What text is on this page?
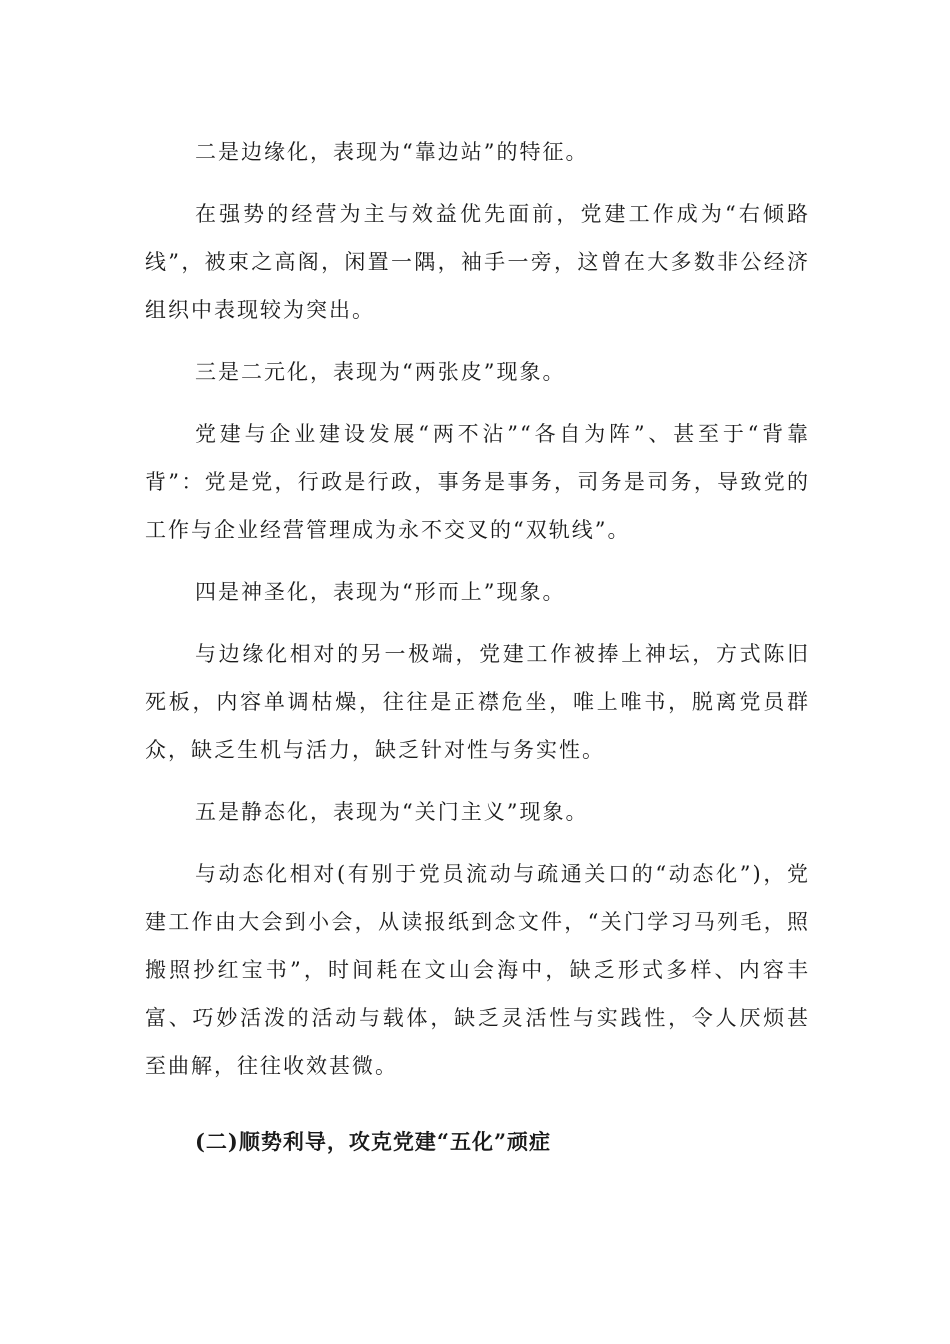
二是边缘化，表现为“靠边站”的特征。

在强势的经营为主与效益优先面前，党建工作成为“右倾路线”，被束之高阁，闲置一隅，袖手一旁，这曾在大多数非公经济组织中表现较为突出。

三是二元化，表现为“两张皮”现象。

党建与企业建设发展“两不沾”“各自为阵”、甚至于“背靠背”：党是党，行政是行政，事务是事务，司务是司务，导致党的工作与企业经营管理成为永不交叉的“双轨线”。

四是神圣化，表现为“形而上”现象。

与边缘化相对的另一极端，党建工作被捧上神坛，方式陈旧死板，内容单调枯燥，往往是正襟危坐，唯上唯书，脱离党员群众，缺乏生机与活力，缺乏针对性与务实性。

五是静态化，表现为“关门主义”现象。

与动态化相对(有别于党员流动与疏通关口的“动态化”)，党建工作由大会到小会，从读报纸到念文件，“关门学习马列毛，照搬照抄红宝书”，时间耗在文山会海中，缺乏形式多样、内容丰富、巧妙活泼的活动与载体，缺乏灵活性与实践性，令人厌烦甚至曲解，往往收效甚微。

(二)顺势利导，攻克党建“五化”顽症
